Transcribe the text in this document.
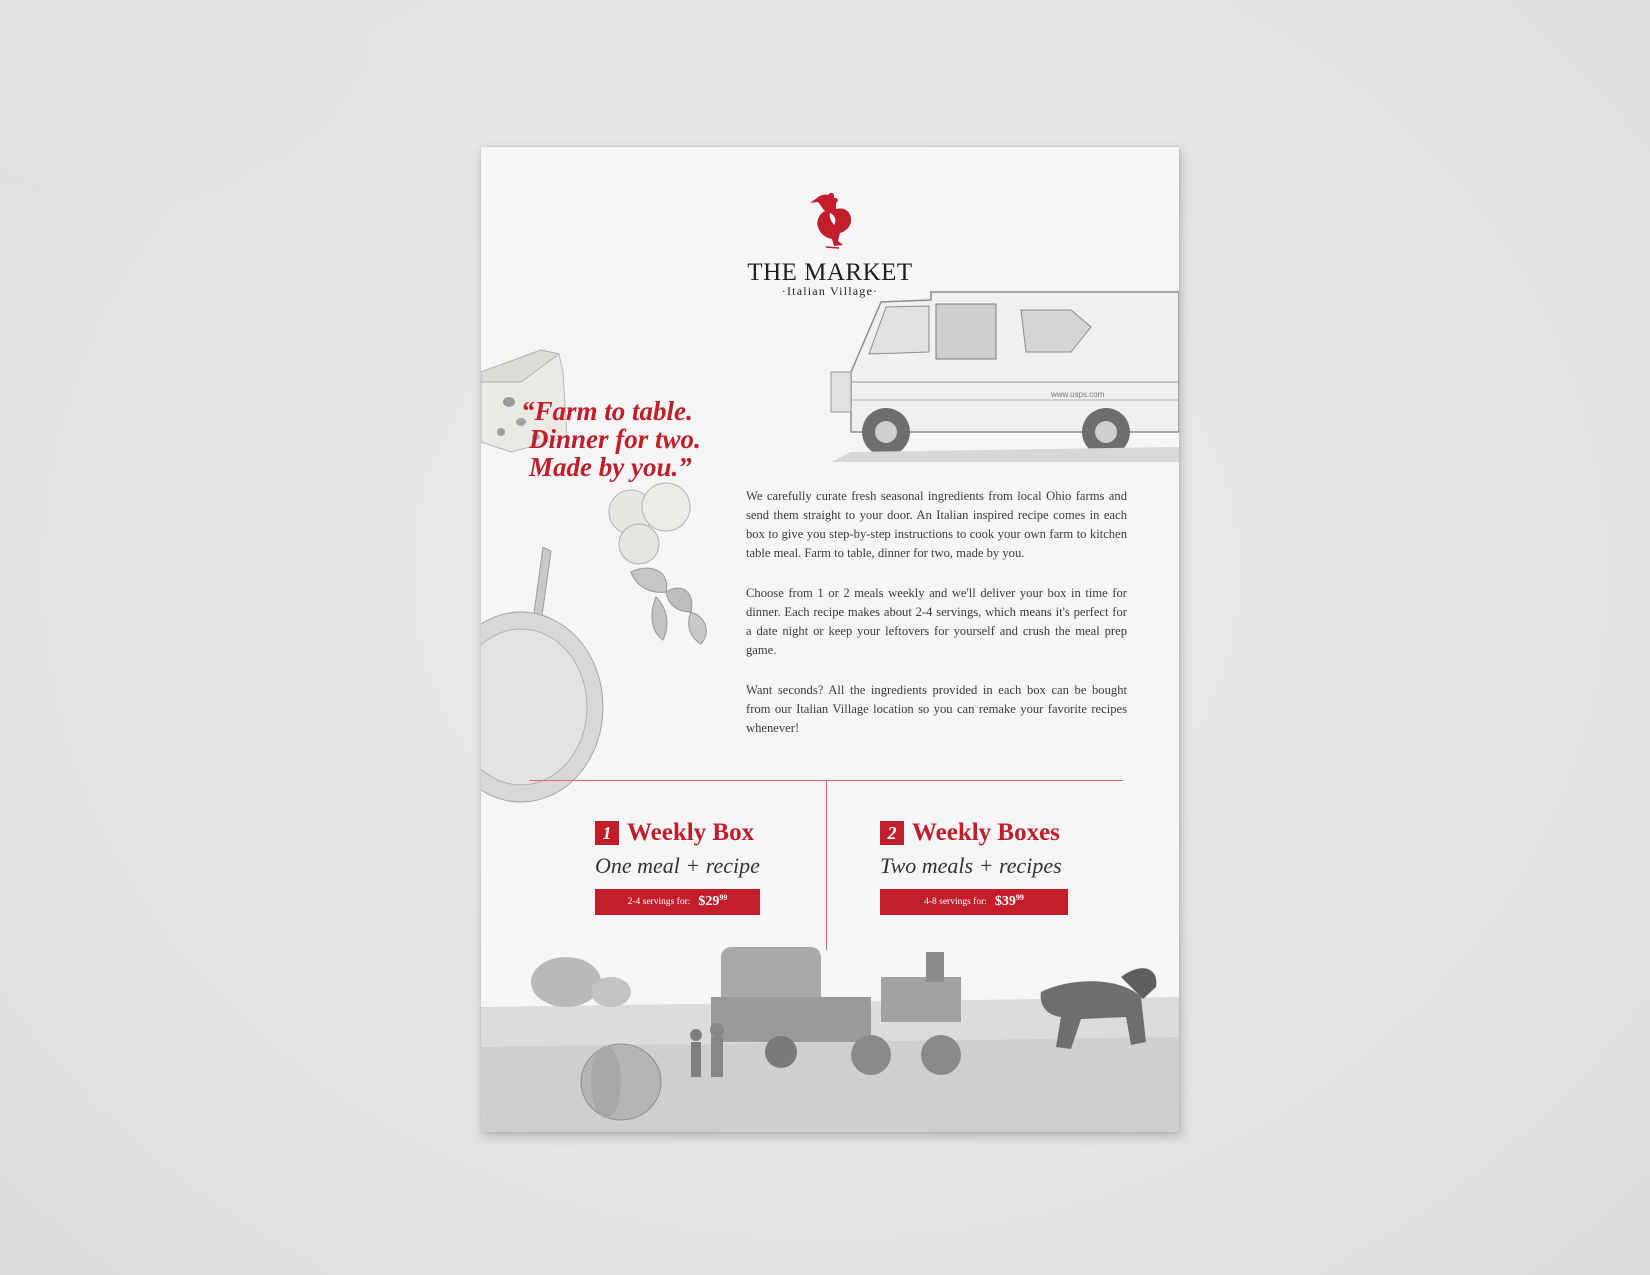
THE MARKET
·Italian Village·
www.usps.com
“Farm to table.
Dinner for two.
Made by you.”

We carefully curate fresh seasonal ingredients from local Ohio farms and send them straight to your door. An Italian inspired recipe comes in each box to give you step-by-step instructions to cook your own farm to kitchen table meal. Farm to table, dinner for two, made by you.

Choose from 1 or 2 meals weekly and we'll deliver your box in time for dinner. Each recipe makes about 2-4 servings, which means it's perfect for a date night or keep your leftovers for yourself and crush the meal prep game.

Want seconds? All the ingredients provided in each box can be bought from our Italian Village location so you can remake your favorite recipes whenever!

1 Weekly Box
One meal + recipe
2-4 servings for: $\$29^{99}$
2 Weekly Boxes
Two meals + recipes
4-8 servings for: $\$39^{99}$
